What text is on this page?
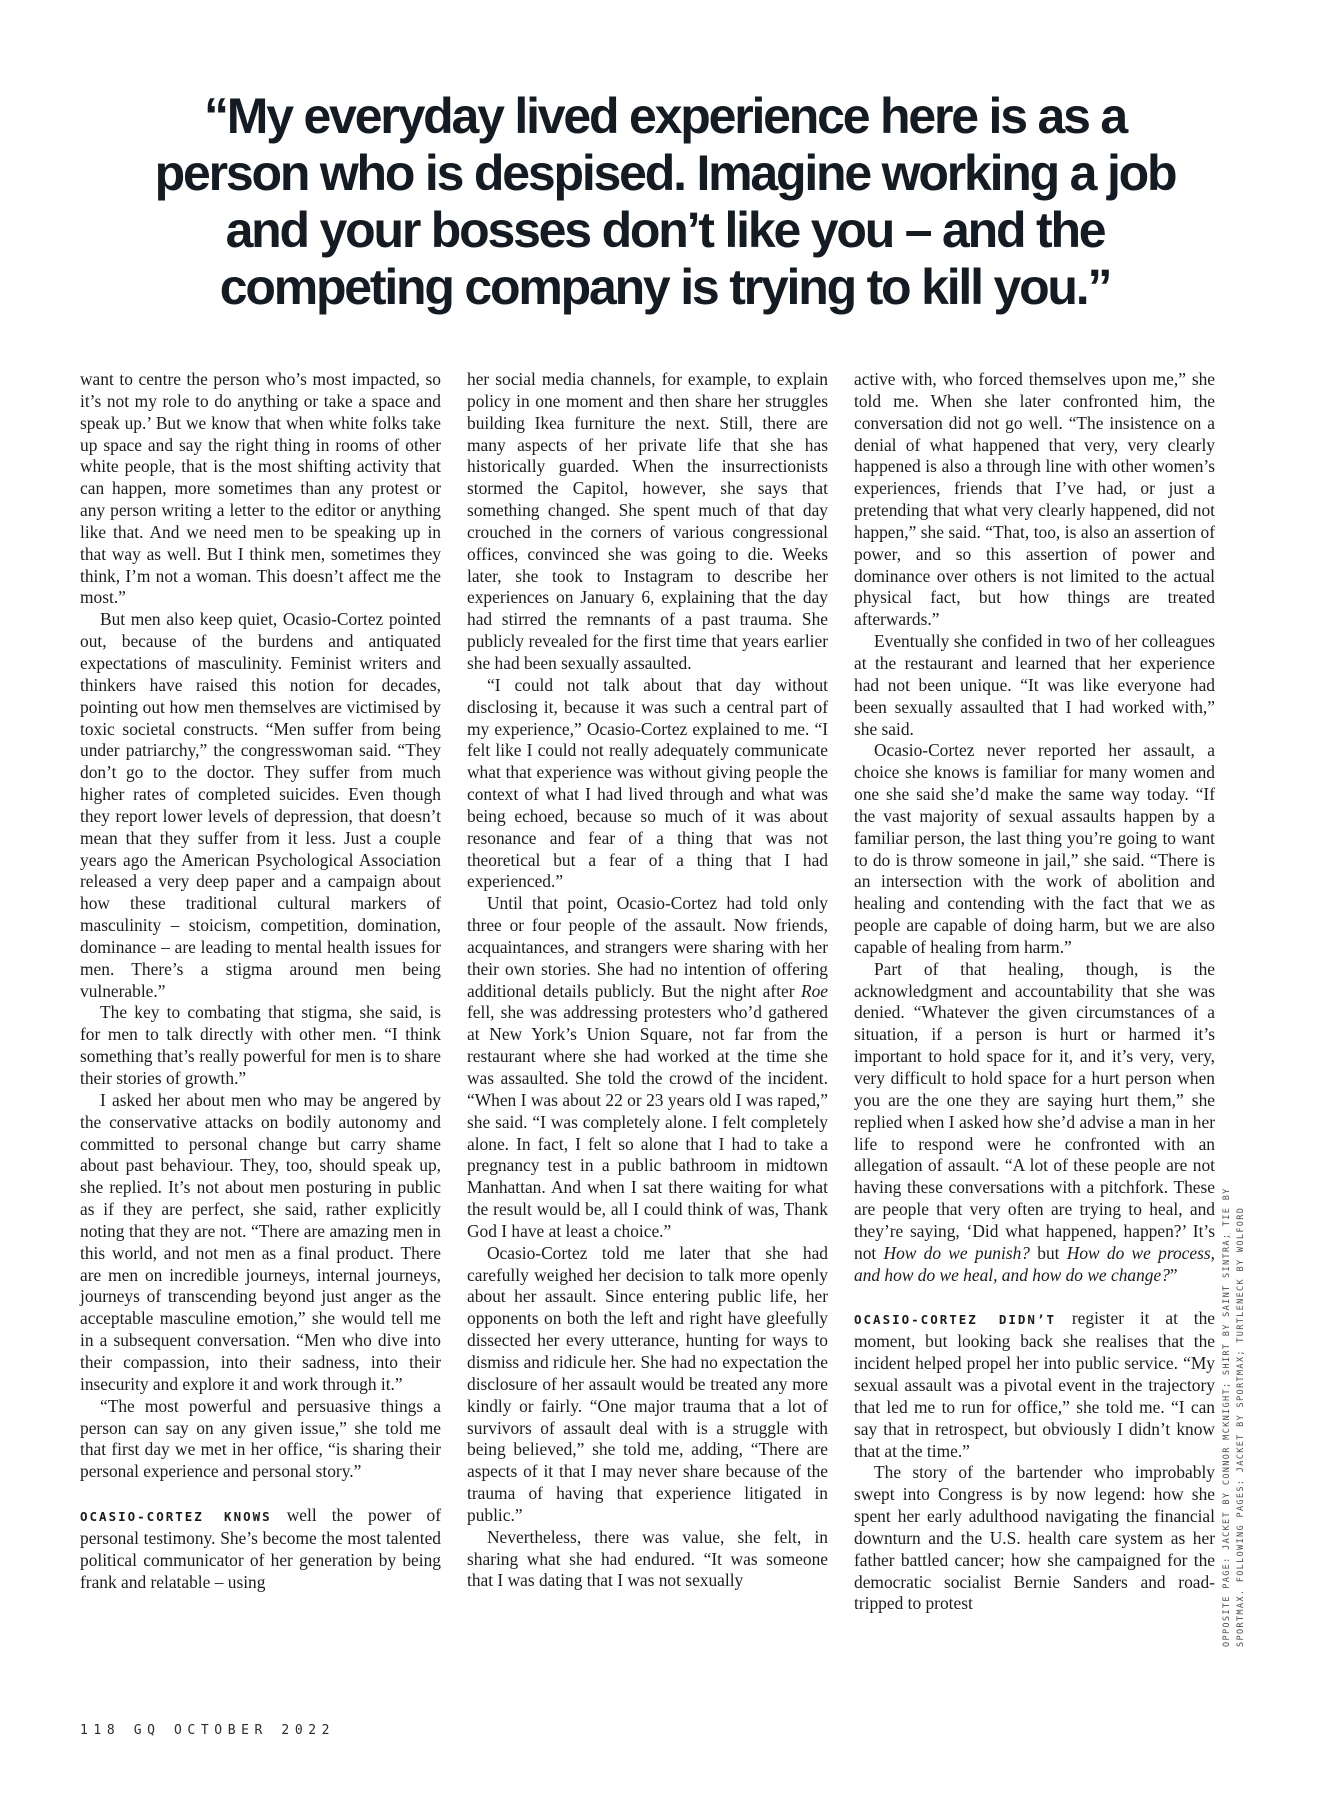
“My everyday lived experience here is as a person who is despised. Imagine working a job and your bosses don’t like you – and the competing company is trying to kill you.”

want to centre the person who’s most impacted, so it’s not my role to do anything or take a space and speak up.’ But we know that when white folks take up space and say the right thing in rooms of other white people, that is the most shifting activity that can happen, more sometimes than any protest or any person writing a letter to the editor or anything like that. And we need men to be speaking up in that way as well. But I think men, sometimes they think, I’m not a woman. This doesn’t affect me the most.”

But men also keep quiet, Ocasio-Cortez pointed out, because of the burdens and antiquated expectations of masculinity. Feminist writers and thinkers have raised this notion for decades, pointing out how men themselves are victimised by toxic societal constructs. “Men suffer from being under patriarchy,” the congresswoman said. “They don’t go to the doctor. They suffer from much higher rates of completed suicides. Even though they report lower levels of depression, that doesn’t mean that they suffer from it less. Just a couple years ago the American Psychological Association released a very deep paper and a campaign about how these traditional cultural markers of masculinity – stoicism, competition, domination, dominance – are leading to mental health issues for men. There’s a stigma around men being vulnerable.”

The key to combating that stigma, she said, is for men to talk directly with other men. “I think something that’s really powerful for men is to share their stories of growth.”

I asked her about men who may be angered by the conservative attacks on bodily autonomy and committed to personal change but carry shame about past behaviour. They, too, should speak up, she replied. It’s not about men posturing in public as if they are perfect, she said, rather explicitly noting that they are not. “There are amazing men in this world, and not men as a final product. There are men on incredible journeys, internal journeys, journeys of transcending beyond just anger as the acceptable masculine emotion,” she would tell me in a subsequent conversation. “Men who dive into their compassion, into their sadness, into their insecurity and explore it and work through it.”

“The most powerful and persuasive things a person can say on any given issue,” she told me that first day we met in her office, “is sharing their personal experience and personal story.”

OCASIO-CORTEZ KNOWS well the power of personal testimony. She’s become the most talented political communicator of her generation by being frank and relatable – using

her social media channels, for example, to explain policy in one moment and then share her struggles building Ikea furniture the next. Still, there are many aspects of her private life that she has historically guarded. When the insurrectionists stormed the Capitol, however, she says that something changed. She spent much of that day crouched in the corners of various congressional offices, convinced she was going to die. Weeks later, she took to Instagram to describe her experiences on January 6, explaining that the day had stirred the remnants of a past trauma. She publicly revealed for the first time that years earlier she had been sexually assaulted.

“I could not talk about that day without disclosing it, because it was such a central part of my experience,” Ocasio-Cortez explained to me. “I felt like I could not really adequately communicate what that experience was without giving people the context of what I had lived through and what was being echoed, because so much of it was about resonance and fear of a thing that was not theoretical but a fear of a thing that I had experienced.”

Until that point, Ocasio-Cortez had told only three or four people of the assault. Now friends, acquaintances, and strangers were sharing with her their own stories. She had no intention of offering additional details publicly. But the night after Roe fell, she was addressing protesters who’d gathered at New York’s Union Square, not far from the restaurant where she had worked at the time she was assaulted. She told the crowd of the incident. “When I was about 22 or 23 years old I was raped,” she said. “I was completely alone. I felt completely alone. In fact, I felt so alone that I had to take a pregnancy test in a public bathroom in midtown Manhattan. And when I sat there waiting for what the result would be, all I could think of was, Thank God I have at least a choice.”

Ocasio-Cortez told me later that she had carefully weighed her decision to talk more openly about her assault. Since entering public life, her opponents on both the left and right have gleefully dissected her every utterance, hunting for ways to dismiss and ridicule her. She had no expectation the disclosure of her assault would be treated any more kindly or fairly. “One major trauma that a lot of survivors of assault deal with is a struggle with being believed,” she told me, adding, “There are aspects of it that I may never share because of the trauma of having that experience litigated in public.”

Nevertheless, there was value, she felt, in sharing what she had endured. “It was someone that I was dating that I was not sexually

active with, who forced themselves upon me,” she told me. When she later confronted him, the conversation did not go well. “The insistence on a denial of what happened that very, very clearly happened is also a through line with other women’s experiences, friends that I’ve had, or just a pretending that what very clearly happened, did not happen,” she said. “That, too, is also an assertion of power, and so this assertion of power and dominance over others is not limited to the actual physical fact, but how things are treated afterwards.”

Eventually she confided in two of her colleagues at the restaurant and learned that her experience had not been unique. “It was like everyone had been sexually assaulted that I had worked with,” she said.

Ocasio-Cortez never reported her assault, a choice she knows is familiar for many women and one she said she’d make the same way today. “If the vast majority of sexual assaults happen by a familiar person, the last thing you’re going to want to do is throw someone in jail,” she said. “There is an intersection with the work of abolition and healing and contending with the fact that we as people are capable of doing harm, but we are also capable of healing from harm.”

Part of that healing, though, is the acknowledgment and accountability that she was denied. “Whatever the given circumstances of a situation, if a person is hurt or harmed it’s important to hold space for it, and it’s very, very, very difficult to hold space for a hurt person when you are the one they are saying hurt them,” she replied when I asked how she’d advise a man in her life to respond were he confronted with an allegation of assault. “A lot of these people are not having these conversations with a pitchfork. These are people that very often are trying to heal, and they’re saying, ‘Did what happened, happen?’ It’s not How do we punish? but How do we process, and how do we heal, and how do we change?”

OCASIO-CORTEZ DIDN’T register it at the moment, but looking back she realises that the incident helped propel her into public service. “My sexual assault was a pivotal event in the trajectory that led me to run for office,” she told me. “I can say that in retrospect, but obviously I didn’t know that at the time.”

The story of the bartender who improbably swept into Congress is by now legend: how she spent her early adulthood navigating the financial downturn and the U.S. health care system as her father battled cancer; how she campaigned for the democratic socialist Bernie Sanders and road-tripped to protest

118 GQ OCTOBER 2022
OPPOSITE PAGE: JACKET BY CONNOR MCKNIGHT; SHIRT BY SAINT SINTRA; TIE BY SPORTMAX. FOLLOWING PAGES: JACKET BY SPORTMAX; TURTLENECK BY WOLFORD
